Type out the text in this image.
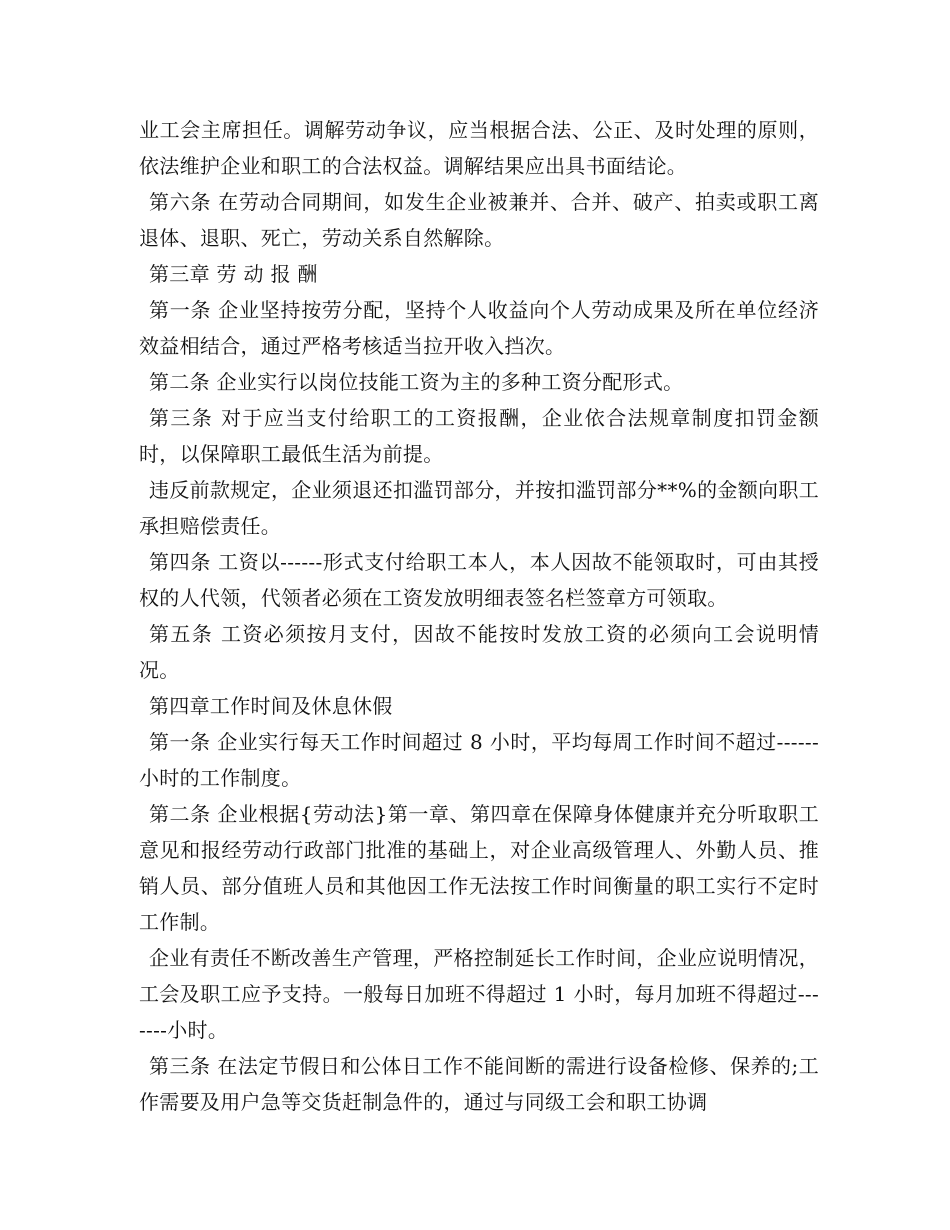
业工会主席担任。调解劳动争议，应当根据合法、公正、及时处理的原则，依法维护企业和职工的合法权益。调解结果应出具书面结论。

第六条 在劳动合同期间，如发生企业被兼并、合并、破产、拍卖或职工离退体、退职、死亡，劳动关系自然解除。

第三章 劳 动 报 酬

第一条 企业坚持按劳分配，坚持个人收益向个人劳动成果及所在单位经济效益相结合，通过严格考核适当拉开收入挡次。

第二条 企业实行以岗位技能工资为主的多种工资分配形式。

第三条 对于应当支付给职工的工资报酬，企业依合法规章制度扣罚金额时，以保障职工最低生活为前提。

违反前款规定，企业须退还扣滥罚部分，并按扣滥罚部分**%的金额向职工承担赔偿责任。

第四条 工资以------形式支付给职工本人，本人因故不能领取时，可由其授权的人代领，代领者必须在工资发放明细表签名栏签章方可领取。

第五条 工资必须按月支付，因故不能按时发放工资的必须向工会说明情况。

第四章工作时间及休息休假

第一条 企业实行每天工作时间超过 8 小时，平均每周工作时间不超过------小时的工作制度。

第二条 企业根据{劳动法}第一章、第四章在保障身体健康并充分听取职工意见和报经劳动行政部门批准的基础上，对企业高级管理人、外勤人员、推销人员、部分值班人员和其他因工作无法按工作时间衡量的职工实行不定时工作制。

企业有责任不断改善生产管理，严格控制延长工作时间，企业应说明情况，工会及职工应予支持。一般每日加班不得超过 1 小时，每月加班不得超过-------小时。

第三条 在法定节假日和公体日工作不能间断的需进行设备检修、保养的;工作需要及用户急等交货赶制急件的，通过与同级工会和职工协调
